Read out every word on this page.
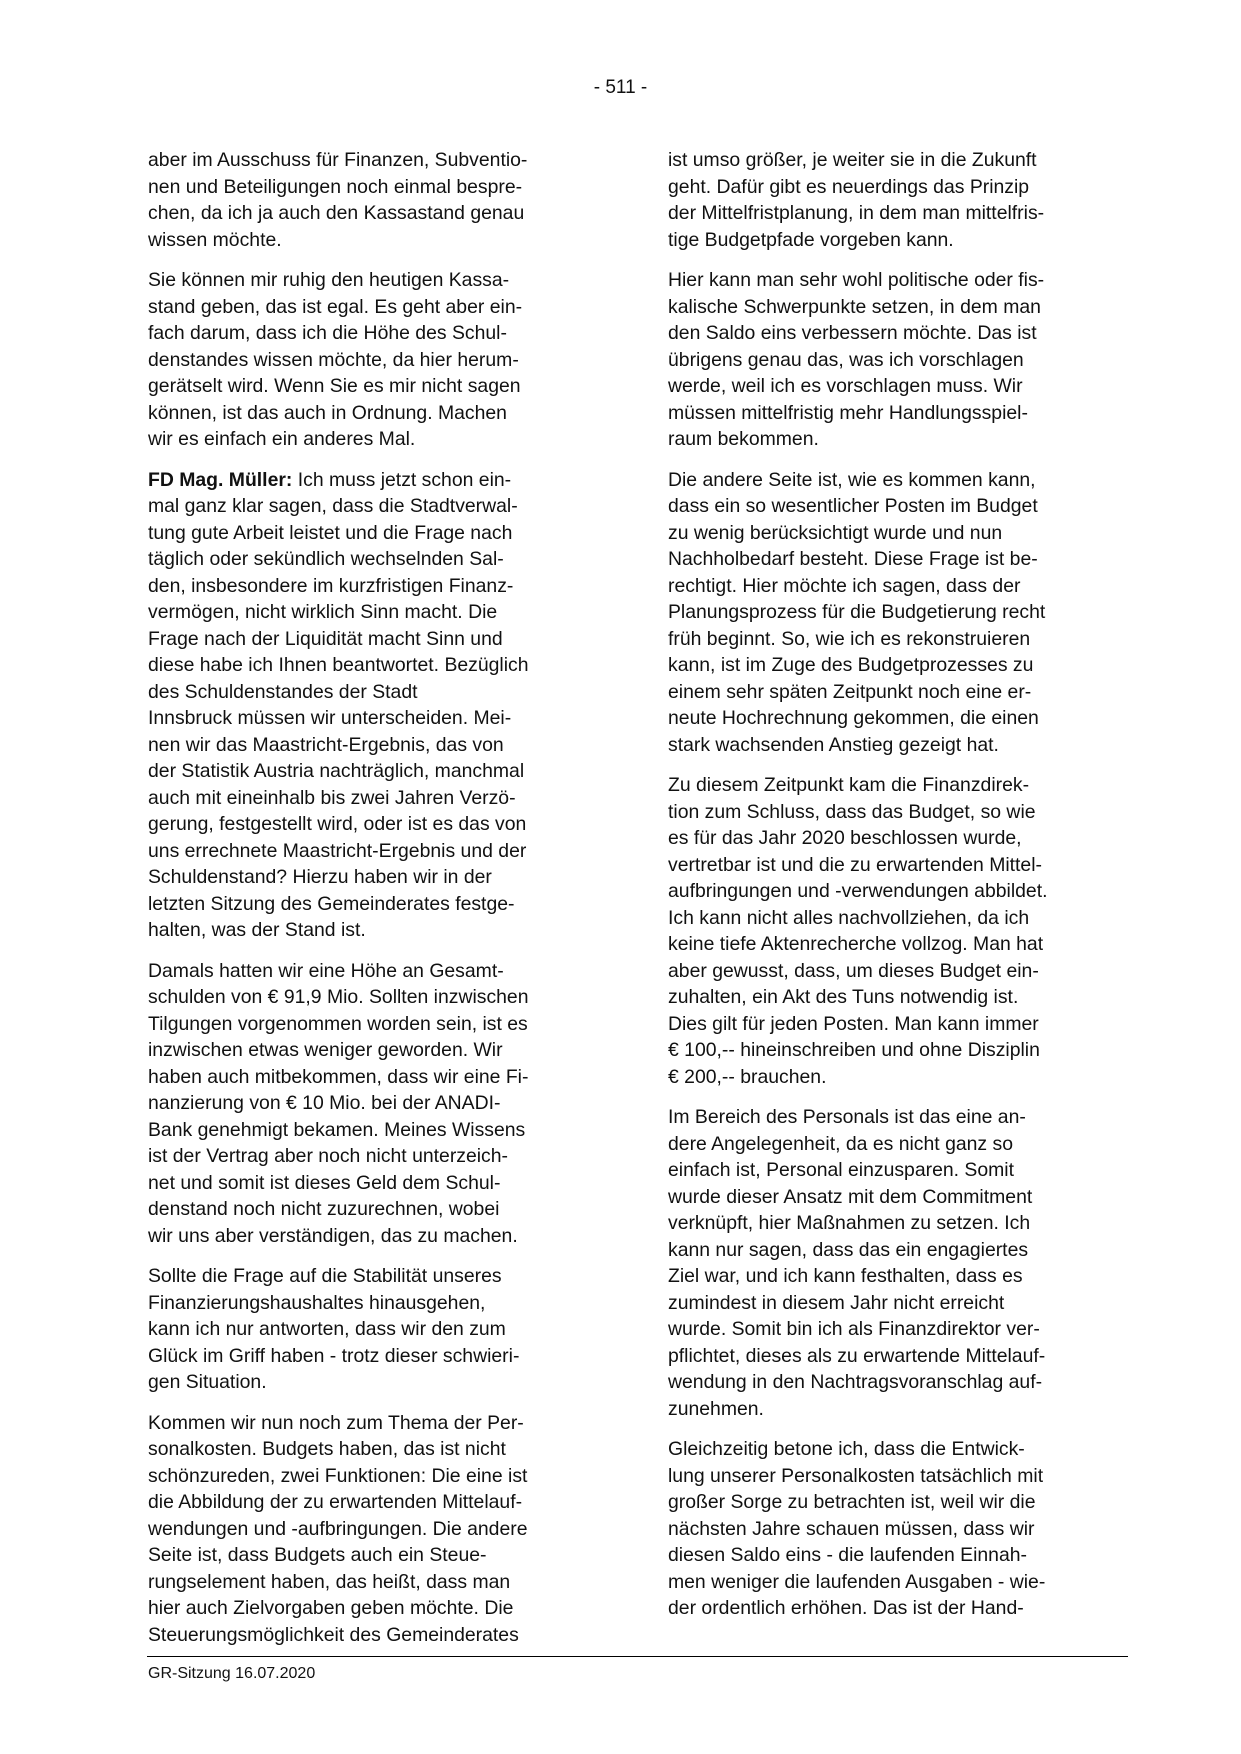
- 511 -

aber im Ausschuss für Finanzen, Subventio-
nen und Beteiligungen noch einmal bespre-
chen, da ich ja auch den Kassastand genau
wissen möchte.

Sie können mir ruhig den heutigen Kassa-
stand geben, das ist egal. Es geht aber ein-
fach darum, dass ich die Höhe des Schul-
denstandes wissen möchte, da hier herum-
gerätselt wird. Wenn Sie es mir nicht sagen
können, ist das auch in Ordnung. Machen
wir es einfach ein anderes Mal.

FD Mag. Müller: Ich muss jetzt schon ein-
mal ganz klar sagen, dass die Stadtverwal-
tung gute Arbeit leistet und die Frage nach
täglich oder sekündlich wechselnden Sal-
den, insbesondere im kurzfristigen Finanz-
vermögen, nicht wirklich Sinn macht. Die
Frage nach der Liquidität macht Sinn und
diese habe ich Ihnen beantwortet. Bezüglich
des Schuldenstandes der Stadt
Innsbruck müssen wir unterscheiden. Mei-
nen wir das Maastricht-Ergebnis, das von
der Statistik Austria nachträglich, manchmal
auch mit eineinhalb bis zwei Jahren Verzö-
gerung, festgestellt wird, oder ist es das von
uns errechnete Maastricht-Ergebnis und der
Schuldenstand? Hierzu haben wir in der
letzten Sitzung des Gemeinderates festge-
halten, was der Stand ist.

Damals hatten wir eine Höhe an Gesamt-
schulden von € 91,9 Mio. Sollten inzwischen
Tilgungen vorgenommen worden sein, ist es
inzwischen etwas weniger geworden. Wir
haben auch mitbekommen, dass wir eine Fi-
nanzierung von € 10 Mio. bei der ANADI-
Bank genehmigt bekamen. Meines Wissens
ist der Vertrag aber noch nicht unterzeich-
net und somit ist dieses Geld dem Schul-
denstand noch nicht zuzurechnen, wobei
wir uns aber verständigen, das zu machen.

Sollte die Frage auf die Stabilität unseres
Finanzierungshaushaltes hinausgehen,
kann ich nur antworten, dass wir den zum
Glück im Griff haben - trotz dieser schwieri-
gen Situation.

Kommen wir nun noch zum Thema der Per-
sonalkosten. Budgets haben, das ist nicht
schönzureden, zwei Funktionen: Die eine ist
die Abbildung der zu erwartenden Mittelauf-
wendungen und -aufbringungen. Die andere
Seite ist, dass Budgets auch ein Steue-
rungselement haben, das heißt, dass man
hier auch Zielvorgaben geben möchte. Die
Steuerungsmöglichkeit des Gemeinderates

ist umso größer, je weiter sie in die Zukunft
geht. Dafür gibt es neuerdings das Prinzip
der Mittelfristplanung, in dem man mittelfris-
tige Budgetpfade vorgeben kann.

Hier kann man sehr wohl politische oder fis-
kalische Schwerpunkte setzen, in dem man
den Saldo eins verbessern möchte. Das ist
übrigens genau das, was ich vorschlagen
werde, weil ich es vorschlagen muss. Wir
müssen mittelfristig mehr Handlungsspiel-
raum bekommen.

Die andere Seite ist, wie es kommen kann,
dass ein so wesentlicher Posten im Budget
zu wenig berücksichtigt wurde und nun
Nachholbedarf besteht. Diese Frage ist be-
rechtigt. Hier möchte ich sagen, dass der
Planungsprozess für die Budgetierung recht
früh beginnt. So, wie ich es rekonstruieren
kann, ist im Zuge des Budgetprozesses zu
einem sehr späten Zeitpunkt noch eine er-
neute Hochrechnung gekommen, die einen
stark wachsenden Anstieg gezeigt hat.

Zu diesem Zeitpunkt kam die Finanzdirek-
tion zum Schluss, dass das Budget, so wie
es für das Jahr 2020 beschlossen wurde,
vertretbar ist und die zu erwartenden Mittel-
aufbringungen und -verwendungen abbildet.
Ich kann nicht alles nachvollziehen, da ich
keine tiefe Aktenrecherche vollzog. Man hat
aber gewusst, dass, um dieses Budget ein-
zuhalten, ein Akt des Tuns notwendig ist.
Dies gilt für jeden Posten. Man kann immer
€ 100,-- hineinschreiben und ohne Disziplin
€ 200,-- brauchen.

Im Bereich des Personals ist das eine an-
dere Angelegenheit, da es nicht ganz so
einfach ist, Personal einzusparen. Somit
wurde dieser Ansatz mit dem Commitment
verknüpft, hier Maßnahmen zu setzen. Ich
kann nur sagen, dass das ein engagiertes
Ziel war, und ich kann festhalten, dass es
zumindest in diesem Jahr nicht erreicht
wurde. Somit bin ich als Finanzdirektor ver-
pflichtet, dieses als zu erwartende Mittelauf-
wendung in den Nachtragsvoranschlag auf-
zunehmen.

Gleichzeitig betone ich, dass die Entwick-
lung unserer Personalkosten tatsächlich mit
großer Sorge zu betrachten ist, weil wir die
nächsten Jahre schauen müssen, dass wir
diesen Saldo eins - die laufenden Einnah-
men weniger die laufenden Ausgaben - wie-
der ordentlich erhöhen. Das ist der Hand-

GR-Sitzung 16.07.2020
